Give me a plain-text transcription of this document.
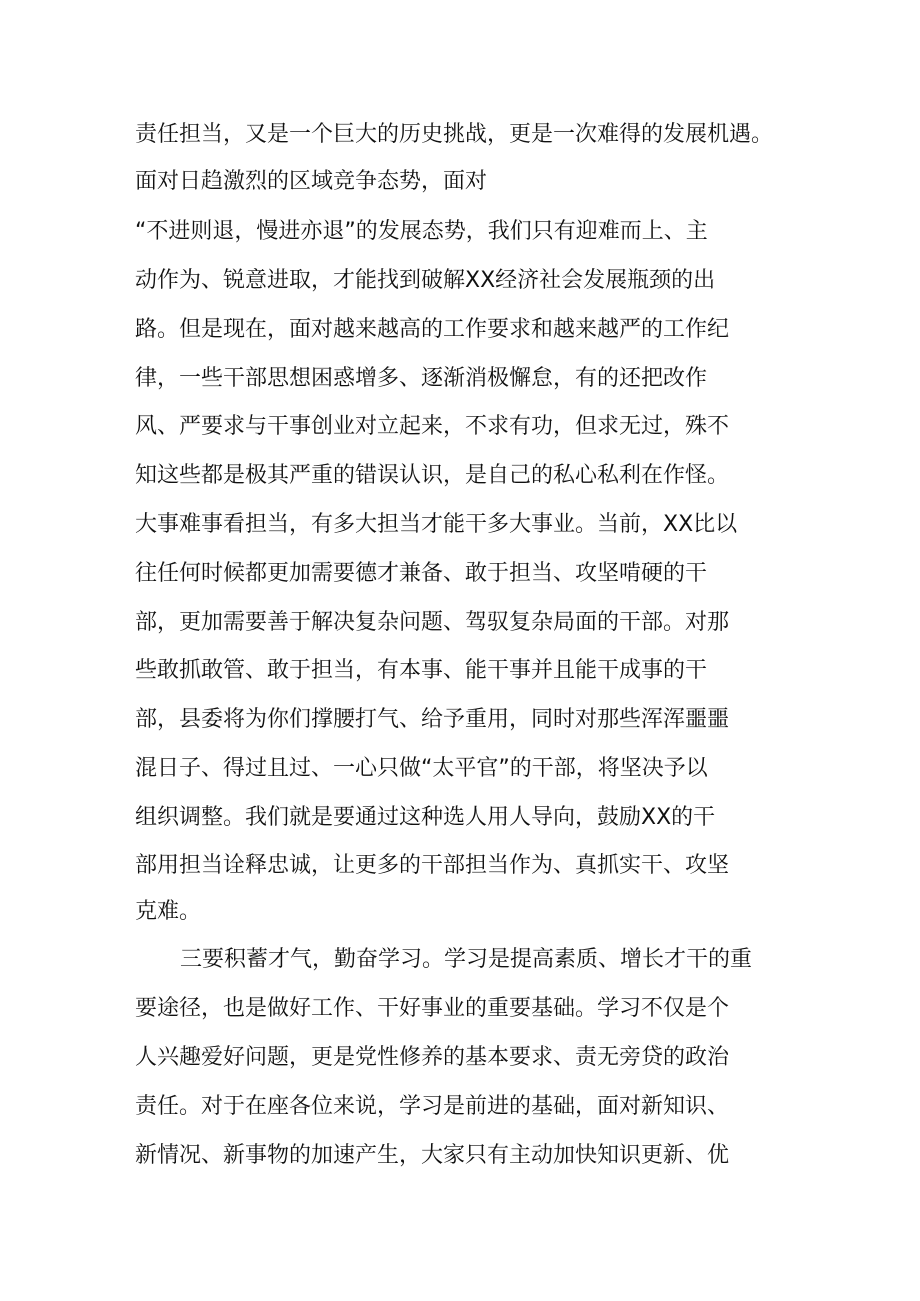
责任担当，又是一个巨大的历史挑战，更是一次难得的发展机遇。
面对日趋激烈的区域竞争态势，面对
“不进则退，慢进亦退”的发展态势，我们只有迎难而上、主
动作为、锐意进取，才能找到破解XX经济社会发展瓶颈的出
路。但是现在，面对越来越高的工作要求和越来越严的工作纪
律，一些干部思想困惑增多、逐渐消极懈怠，有的还把改作
风、严要求与干事创业对立起来，不求有功，但求无过，殊不
知这些都是极其严重的错误认识，是自己的私心私利在作怪。
大事难事看担当，有多大担当才能干多大事业。当前，XX比以
往任何时候都更加需要德才兼备、敢于担当、攻坚啃硬的干
部，更加需要善于解决复杂问题、驾驭复杂局面的干部。对那
些敢抓敢管、敢于担当，有本事、能干事并且能干成事的干
部，县委将为你们撑腰打气、给予重用，同时对那些浑浑噩噩
混日子、得过且过、一心只做“太平官”的干部，将坚决予以
组织调整。我们就是要通过这种选人用人导向，鼓励XX的干
部用担当诠释忠诚，让更多的干部担当作为、真抓实干、攻坚
克难。
三要积蓄才气，勤奋学习。学习是提高素质、增长才干的重
要途径，也是做好工作、干好事业的重要基础。学习不仅是个
人兴趣爱好问题，更是党性修养的基本要求、责无旁贷的政治
责任。对于在座各位来说，学习是前进的基础，面对新知识、
新情况、新事物的加速产生，大家只有主动加快知识更新、优
